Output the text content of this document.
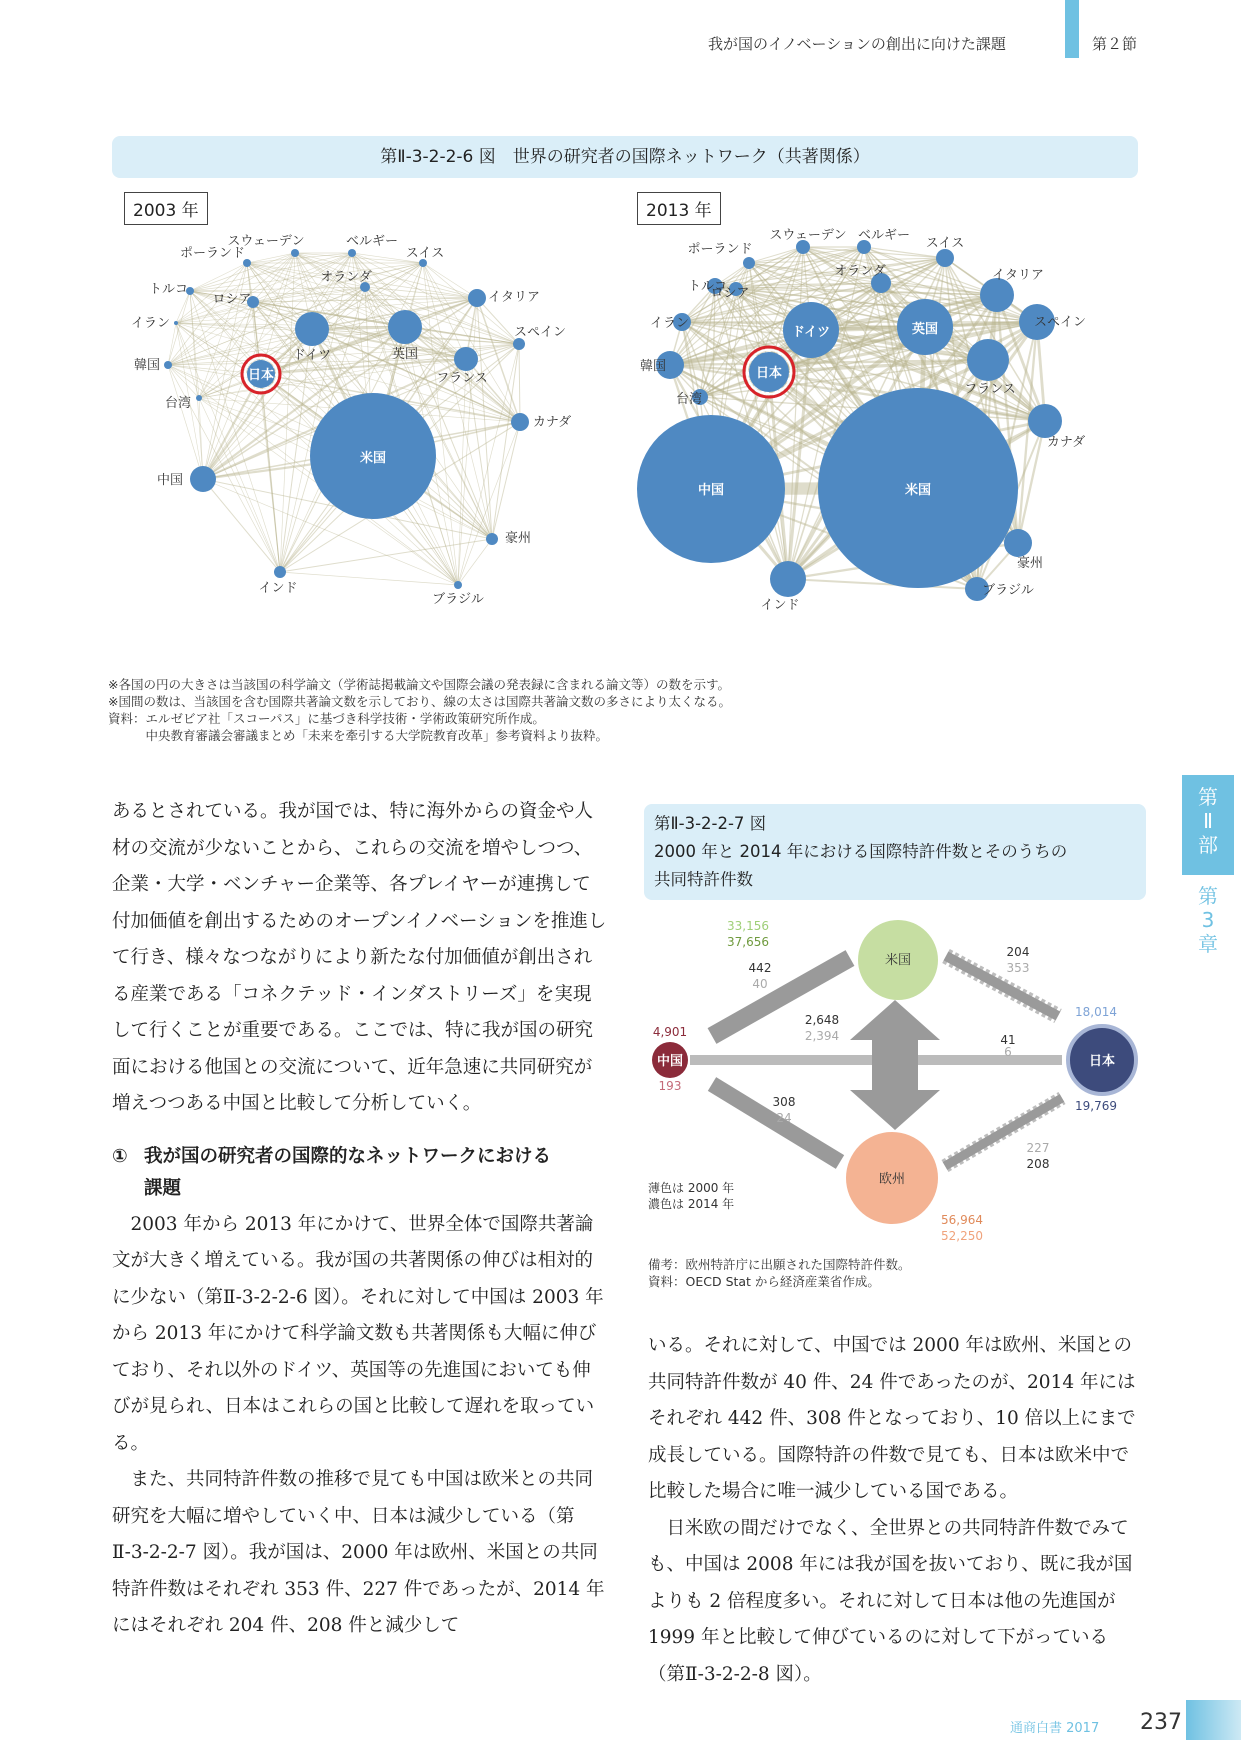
我が国のイノベーションの創出に向けた課題	第２節
第Ⅱ-3-2-2-6 図　世界の研究者の国際ネットワーク（共著関係）
2003 年	2013 年
ポーランド
スウェーデン	ベルギー
スイス
オランダ
トルコ
ロシア	イタリア
イラン
ドイツ	英国
スペイン
韓国
日本	フランス
台湾
カナダ
中国
米国
豪州
インド
ブラジル
ポーランド
スウェーデン ベルギー
スイス
オランダ
トルコ
ロシア
イタリア
イラン
ドイツ	英国	スペイン
韓国	日本
フランス
台湾
カナダ
中国	米国
豪州
インド
ブラジル
※各国の円の大きさは当該国の科学論文（学術誌掲載論文や国際会議の発表録に含まれる論文等）の数を示す。
※国間の数は、当該国を含む国際共著論文数を示しており、線の太さは国際共著論文数の多さにより太くなる。
資料：エルゼビア社「スコーパス」に基づき科学技術・学術政策研究所作成。
　　　中央教育審議会審議まとめ「未来を牽引する大学院教育改革」参考資料より抜粋。
あるとされている。我が国では、特に海外からの資金や人材の交流が少ないことから、これらの交流を増やしつつ、企業・大学・ベンチャー企業等、各プレイヤーが連携して付加価値を創出するためのオープンイノベーションを推進して行き、様々なつながりにより新たな付加価値が創出される産業である「コネクテッド・インダストリーズ」を実現して行くことが重要である。ここでは、特に我が国の研究面における他国との交流について、近年急速に共同研究が増えつつある中国と比較して分析していく。
① 我が国の研究者の国際的なネットワークにおける
課題
2003 年から 2013 年にかけて、世界全体で国際共著論文が大きく増えている。我が国の共著関係の伸びは相対的に少ない（第Ⅱ-3-2-2-6 図）。それに対して中国は 2003 年から 2013 年にかけて科学論文数も共著関係も大幅に伸びており、それ以外のドイツ、英国等の先進国においても伸びが見られ、日本はこれらの国と比較して遅れを取っている。
また、共同特許件数の推移で見ても中国は欧米との共同研究を大幅に増やしていく中、日本は減少している（第Ⅱ-3-2-2-7 図）。我が国は、2000 年は欧州、米国との共同特許件数はそれぞれ 353 件、227 件であったが、2014 年にはそれぞれ 204 件、208 件と減少して
第Ⅱ-3-2-2-7 図
2000 年と 2014 年における国際特許件数とそのうちの
共同特許件数
米国
日本
中国
欧州
33,156
37,656
18,014
19,769
4,901
193
56,964
52,250
442
40
204
353
2,648
2,394	41
6
308
24
227
208
薄色は 2000 年
濃色は 2014 年
備考：欧州特許庁に出願された国際特許件数。
資料：OECD Stat から経済産業省作成。
いる。それに対して、中国では 2000 年は欧州、米国との共同特許件数が 40 件、24 件であったのが、2014 年にはそれぞれ 442 件、308 件となっており、10 倍以上にまで成長している。国際特許の件数で見ても、日本は欧米中で比較した場合に唯一減少している国である。
日米欧の間だけでなく、全世界との共同特許件数でみても、中国は 2008 年には我が国を抜いており、既に我が国よりも 2 倍程度多い。それに対して日本は他の先進国が 1999 年と比較して伸びているのに対して下がっている（第Ⅱ-3-2-2-8 図）。
第
Ⅱ
部
第
3
章
通商白書 2017 237
